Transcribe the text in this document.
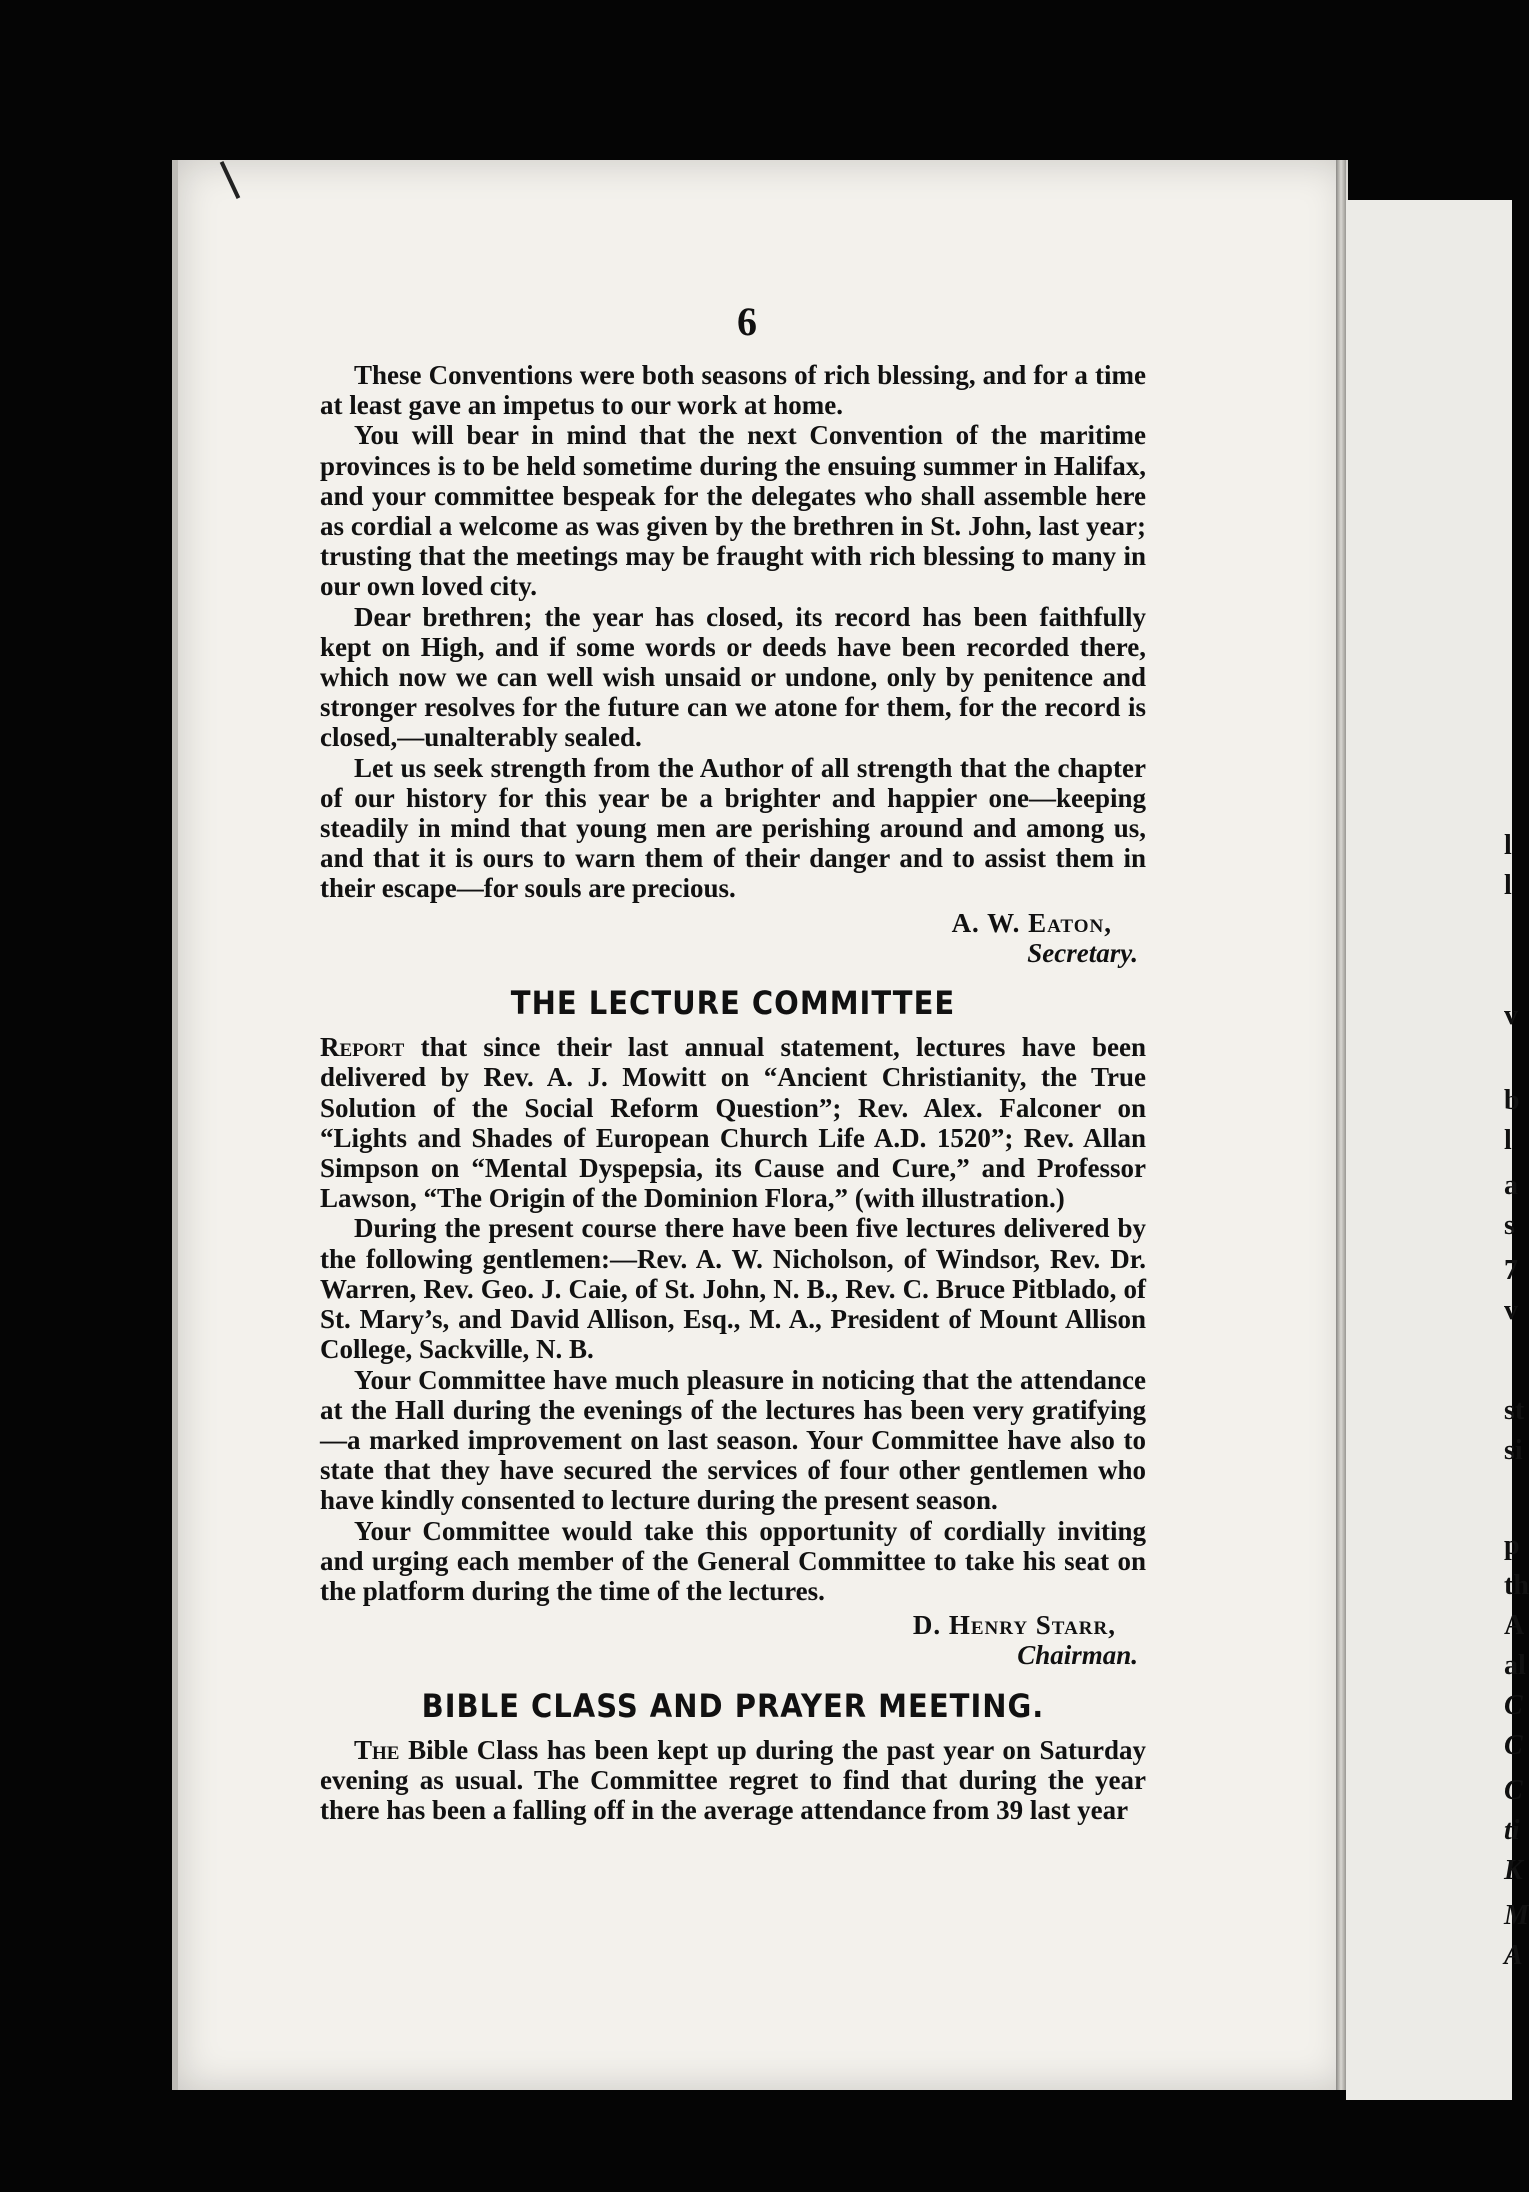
l
l
v
b
l
a
s
7
v
st
si
p
th
A
al
C
C
C
ti
K
M
A
6

These Conventions were both seasons of rich blessing, and for a time at least gave an impetus to our work at home.

You will bear in mind that the next Convention of the maritime provinces is to be held sometime during the ensuing summer in Halifax, and your committee bespeak for the delegates who shall assemble here as cordial a welcome as was given by the brethren in St. John, last year; trusting that the meetings may be fraught with rich blessing to many in our own loved city.

Dear brethren; the year has closed, its record has been faithfully kept on High, and if some words or deeds have been recorded there, which now we can well wish unsaid or undone, only by penitence and stronger resolves for the future can we atone for them, for the record is closed,—unalterably sealed.

Let us seek strength from the Author of all strength that the chapter of our history for this year be a brighter and happier one—keeping steadily in mind that young men are perishing around and among us, and that it is ours to warn them of their danger and to assist them in their escape—for souls are precious.

A. W. Eaton,
Secretary.
THE LECTURE COMMITTEE

Report that since their last annual statement, lectures have been delivered by Rev. A. J. Mowitt on “Ancient Christianity, the True Solution of the Social Reform Question”; Rev. Alex. Falconer on “Lights and Shades of European Church Life A.D. 1520”; Rev. Allan Simpson on “Mental Dyspepsia, its Cause and Cure,” and Professor Lawson, “The Origin of the Dominion Flora,” (with illustration.)

During the present course there have been five lectures delivered by the following gentlemen:—Rev. A. W. Nicholson, of Windsor, Rev. Dr. Warren, Rev. Geo. J. Caie, of St. John, N. B., Rev. C. Bruce Pitblado, of St. Mary’s, and David Allison, Esq., M. A., President of Mount Allison College, Sackville, N. B.

Your Committee have much pleasure in noticing that the attendance at the Hall during the evenings of the lectures has been very gratifying—a marked improvement on last season. Your Committee have also to state that they have secured the services of four other gentlemen who have kindly consented to lecture during the present season.

Your Committee would take this opportunity of cordially inviting and urging each member of the General Committee to take his seat on the platform during the time of the lectures.

D. Henry Starr,
Chairman.
BIBLE CLASS AND PRAYER MEETING.

The Bible Class has been kept up during the past year on Saturday evening as usual. The Committee regret to find that during the year there has been a falling off in the average attendance from 39 last year
